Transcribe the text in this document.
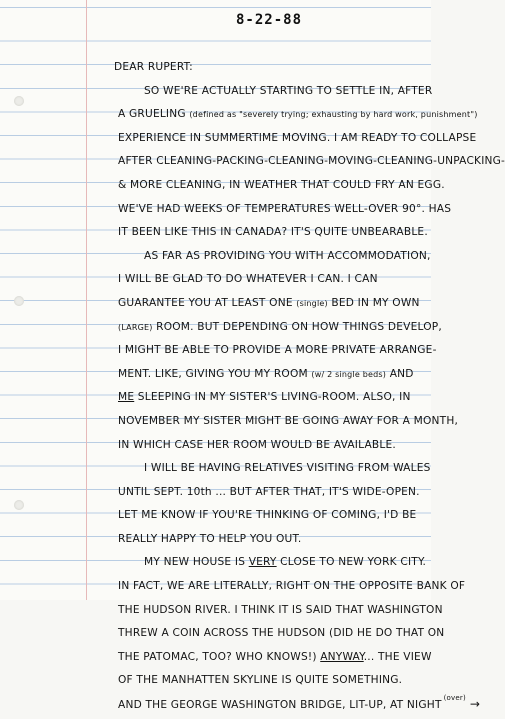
8-22-88
DEAR RUPERT:
SO WE'RE ACTUALLY STARTING TO SETTLE IN, AFTER
A GRUELING (defined as "severely trying; exhausting by hard work, punishment")
EXPERIENCE IN SUMMERTIME MOVING. I AM READY TO COLLAPSE
AFTER CLEANING-PACKING-CLEANING-MOVING-CLEANING-UNPACKING-
& MORE CLEANING, IN WEATHER THAT COULD FRY AN EGG.
WE'VE HAD WEEKS OF TEMPERATURES WELL-OVER 90°. HAS
IT BEEN LIKE THIS IN CANADA? IT'S QUITE UNBEARABLE.
AS FAR AS PROVIDING YOU WITH ACCOMMODATION,
I WILL BE GLAD TO DO WHATEVER I CAN. I CAN
GUARANTEE YOU AT LEAST ONE (single) BED IN MY OWN
(LARGE) ROOM. BUT DEPENDING ON HOW THINGS DEVELOP,
I MIGHT BE ABLE TO PROVIDE A MORE PRIVATE ARRANGE-
MENT. LIKE, GIVING YOU MY ROOM (w/ 2 single beds) AND
ME SLEEPING IN MY SISTER'S LIVING-ROOM. ALSO, IN
NOVEMBER MY SISTER MIGHT BE GOING AWAY FOR A MONTH,
IN WHICH CASE HER ROOM WOULD BE AVAILABLE.
I WILL BE HAVING RELATIVES VISITING FROM WALES
UNTIL SEPT. 10th ... BUT AFTER THAT, IT'S WIDE-OPEN.
LET ME KNOW IF YOU'RE THINKING OF COMING, I'D BE
REALLY HAPPY TO HELP YOU OUT.
MY NEW HOUSE IS VERY CLOSE TO NEW YORK CITY.
IN FACT, WE ARE LITERALLY, RIGHT ON THE OPPOSITE BANK OF
THE HUDSON RIVER. I THINK IT IS SAID THAT WASHINGTON
THREW A COIN ACROSS THE HUDSON (DID HE DO THAT ON
THE PATOMAC, TOO? WHO KNOWS!) ANYWAY... THE VIEW
OF THE MANHATTEN SKYLINE IS QUITE SOMETHING.
AND THE GEORGE WASHINGTON BRIDGE, LIT-UP, AT $NIGHT^{(over)}$ →
